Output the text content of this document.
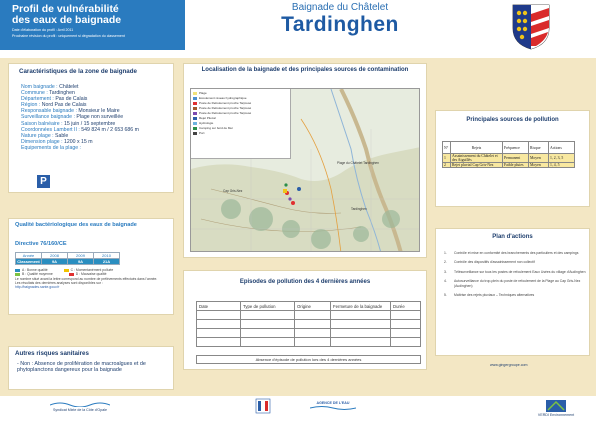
Profil de vulnérabilité
des eaux de baignade
Date d'élaboration du profil : Avril 2011
Prochaine révision du profil : uniquement si dégradation du classement
Baignade du Châtelet
Tardinghen
Caractéristiques de la zone de baignade
Nom baignade : Châtelet
Commune : Tardinghen
Département : Pas de Calais
Région : Nord Pas de Calais
Responsable baignade : Monsieur le Maire
Surveillance baignade : Plage non surveillée
Saison balnéaire : 15 juin / 15 septembre
Coordonnées Lambert II : 549 824 m / 2 653 686 m
Nature plage : Sable
Dimension plage : 1200 x 15 m
Equipements de la plage :
P
Qualité bactériologique des eaux de baignade
Directive 76/160/CE
Année	2008	2009	2010
Classement	9A	9A	21A
A : Bonne qualité	C : Momentanément polluée
B : Qualité moyenne	D : Mauvaise qualité
Le nombre situé avant la lettre correspond au nombre de prélèvements effectués dans l'année.
Les résultats des dernières analyses sont disponibles sur :
http://baignades.sante.gouv.fr
Autres risques sanitaires
- Non : Absence de prolifération de macroalgues et de phytoplanctons dangereux pour la baignade
Localisation de la baignade et des principales sources de contamination
Plage
Ecoulement réseau hydrographique
Poste de Refoulement proche Tarpresé
Poste de Refoulement proche Tarpresé
Poste de Refoulement proche Tarpresé
Rejet Pluvial
Hydrologie
Camping sur bord de Mer
Port
Plage du Châtelet Tardinghen
Cap Gris-Nez
Tardinghen
Episodes de pollution des 4 dernières années
Date	Type de pollution	Origine	Fermeture de la baignade	Durée

Absence d'épisode de pollution lors des 4 dernières années
Principales sources de pollution
N°	Rejets	Fréquence	Risque	Actions
1	Assainissement du Châtelet et des Aiguillès	Permanent	Moyen	1, 2, 3, 5
2	Rejet pluvial Cap Gris-Nez	Faible pluies	Moyen	1, 4, 5
Plan d'actions
1.	Contrôle et mise en conformité des branchements des particuliers et des campings
2.	Contrôle des dispositifs d'assainissement non collectif
3.	Télésurveillance sur tous les postes de refoulement Eaux Usées du village d'Audinghen
4.	Autosurveillance du trop-plein du poste de refoulement de la Plage au Cap Gris-Nez (Audinghen)
5.	Maîtrise des rejets pluviaux – Techniques alternatives
www.gingergroupe.com
Syndicat Mixte de la Côte d'Opale
AGENCE DE L'EAU
VERDI Environnement
